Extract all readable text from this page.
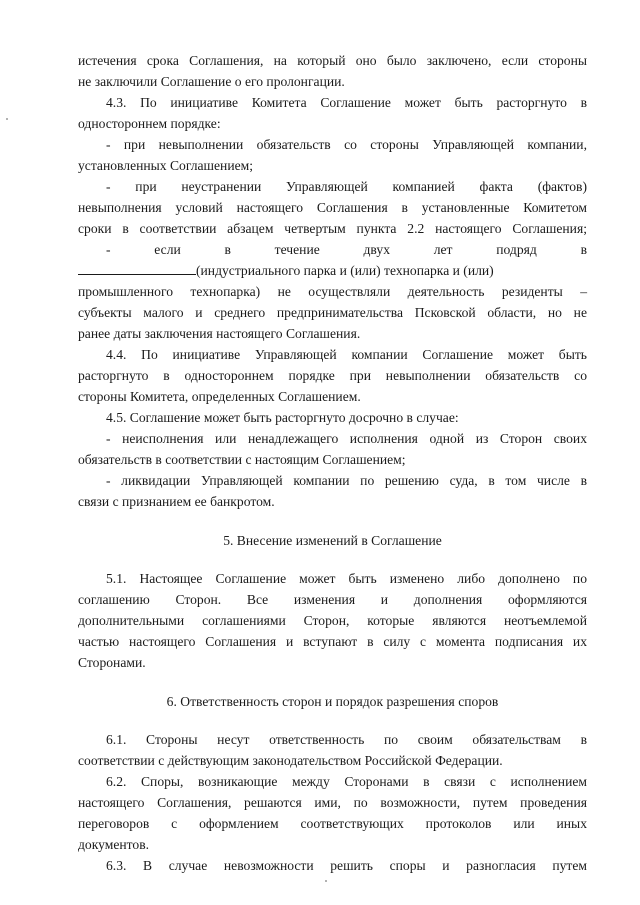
истечения срока Соглашения, на который оно было заключено, если стороны
не заключили Соглашение о его пролонгации.
4.3. По инициативе Комитета Соглашение может быть расторгнуто в
одностороннем порядке:
- при невыполнении обязательств со стороны Управляющей компании,
установленных Соглашением;
- при неустранении Управляющей компанией факта (фактов)
невыполнения условий настоящего Соглашения в установленные Комитетом
сроки в соответствии абзацем четвертым пункта 2.2 настоящего Соглашения;
- если в течение двух лет подряд в
(индустриального парка и (или) технопарка и (или)
промышленного технопарка) не осуществляли деятельность резиденты –
субъекты малого и среднего предпринимательства Псковской области, но не
ранее даты заключения настоящего Соглашения.
4.4. По инициативе Управляющей компании Соглашение может быть
расторгнуто в одностороннем порядке при невыполнении обязательств со
стороны Комитета, определенных Соглашением.
4.5. Соглашение может быть расторгнуто досрочно в случае:
- неисполнения или ненадлежащего исполнения одной из Сторон своих
обязательств в соответствии с настоящим Соглашением;
- ликвидации Управляющей компании по решению суда, в том числе в
связи с признанием ее банкротом.
5. Внесение изменений в Соглашение
5.1. Настоящее Соглашение может быть изменено либо дополнено по
соглашению Сторон. Все изменения и дополнения оформляются
дополнительными соглашениями Сторон, которые являются неотъемлемой
частью настоящего Соглашения и вступают в силу с момента подписания их
Сторонами.
6. Ответственность сторон и порядок разрешения споров
6.1. Стороны несут ответственность по своим обязательствам в
соответствии с действующим законодательством Российской Федерации.
6.2. Споры, возникающие между Сторонами в связи с исполнением
настоящего Соглашения, решаются ими, по возможности, путем проведения
переговоров с оформлением соответствующих протоколов или иных
документов.
6.3. В случае невозможности решить споры и разногласия путем
